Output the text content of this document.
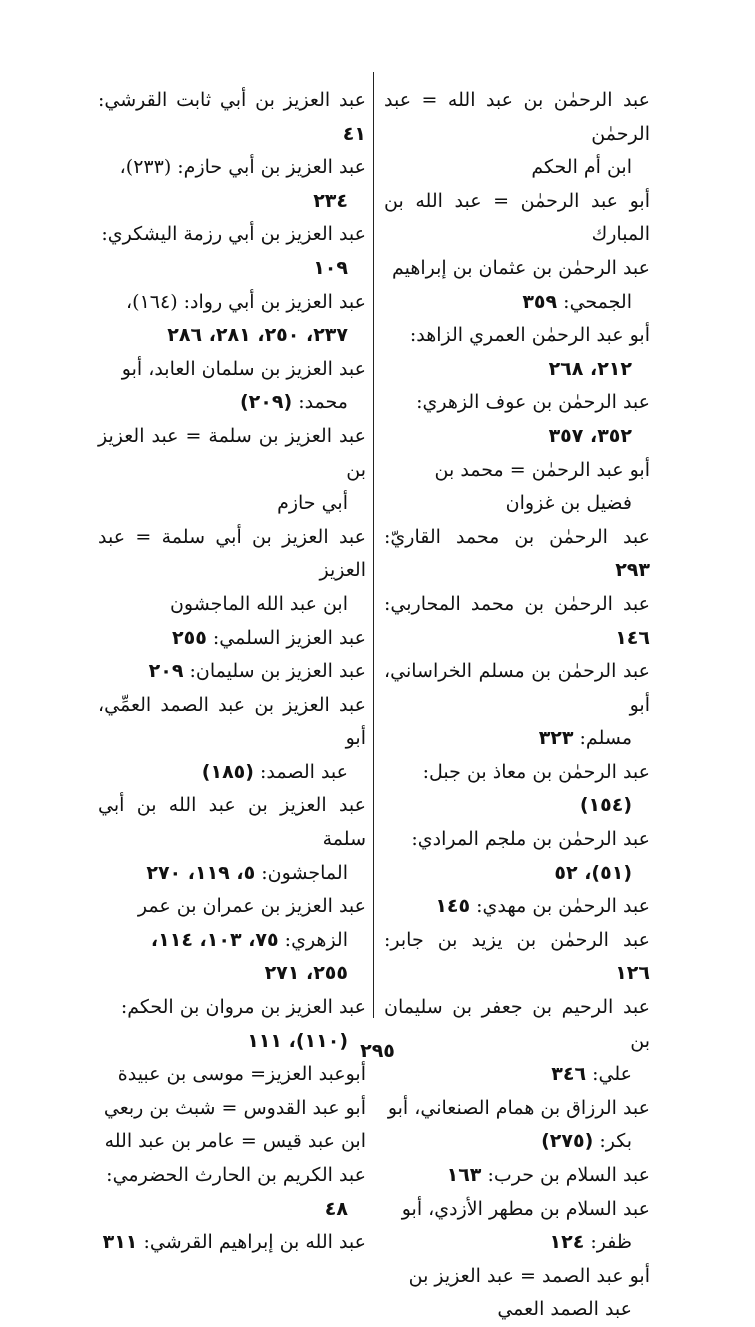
عبد الرحمٰن بن عبد الله = عبد الرحمٰن
ابن أم الحكم
أبو عبد الرحمٰن = عبد الله بن المبارك
عبد الرحمٰن بن عثمان بن إبراهيم
الجمحي: ٣٥٩
أبو عبد الرحمٰن العمري الزاهد:
٢١٢، ٢٦٨
عبد الرحمٰن بن عوف الزهري:
٣٥٢، ٣٥٧
أبو عبد الرحمٰن = محمد بن
فضيل بن غزوان
عبد الرحمٰن بن محمد القاريّ: ٢٩٣
عبد الرحمٰن بن محمد المحاربي: ١٤٦
عبد الرحمٰن بن مسلم الخراساني، أبو
مسلم: ٣٢٣
عبد الرحمٰن بن معاذ بن جبل:
(١٥٤)
عبد الرحمٰن بن ملجم المرادي:
(٥١)، ٥٢
عبد الرحمٰن بن مهدي: ١٤٥
عبد الرحمٰن بن يزيد بن جابر: ١٢٦
عبد الرحيم بن جعفر بن سليمان بن
علي: ٣٤٦
عبد الرزاق بن همام الصنعاني، أبو
بكر: (٢٧٥)
عبد السلام بن حرب: ١٦٣
عبد السلام بن مطهر الأزدي، أبو
ظفر: ١٢٤
أبو عبد الصمد = عبد العزيز بن
عبد الصمد العمي
عبد العزيز بن أبي ثابت القرشي: ٤١
عبد العزيز بن أبي حازم: (٢٣٣)،
٢٣٤
عبد العزيز بن أبي رزمة اليشكري:
١٠٩
عبد العزيز بن أبي رواد: (١٦٤)،
٢٣٧، ٢٥٠، ٢٨١، ٢٨٦
عبد العزيز بن سلمان العابد، أبو
محمد: (٢٠٩)
عبد العزيز بن سلمة = عبد العزيز بن
أبي حازم
عبد العزيز بن أبي سلمة = عبد العزيز
ابن عبد الله الماجشون
عبد العزيز السلمي: ٢٥٥
عبد العزيز بن سليمان: ٢٠٩
عبد العزيز بن عبد الصمد العمِّي، أبو
عبد الصمد: (١٨٥)
عبد العزيز بن عبد الله بن أبي سلمة
الماجشون: ٥، ١١٩، ٢٧٠
عبد العزيز بن عمران بن عمر
الزهري: ٧٥، ١٠٣، ١١٤،
٢٥٥، ٢٧١
عبد العزيز بن مروان بن الحكم:
(١١٠)، ١١١
أبوعبد العزيز= موسى بن عبيدة
أبو عبد القدوس = شبث بن ربعي
ابن عبد قيس = عامر بن عبد الله
عبد الكريم بن الحارث الحضرمي:
٤٨
عبد الله بن إبراهيم القرشي: ٣١١
٢٩٥
